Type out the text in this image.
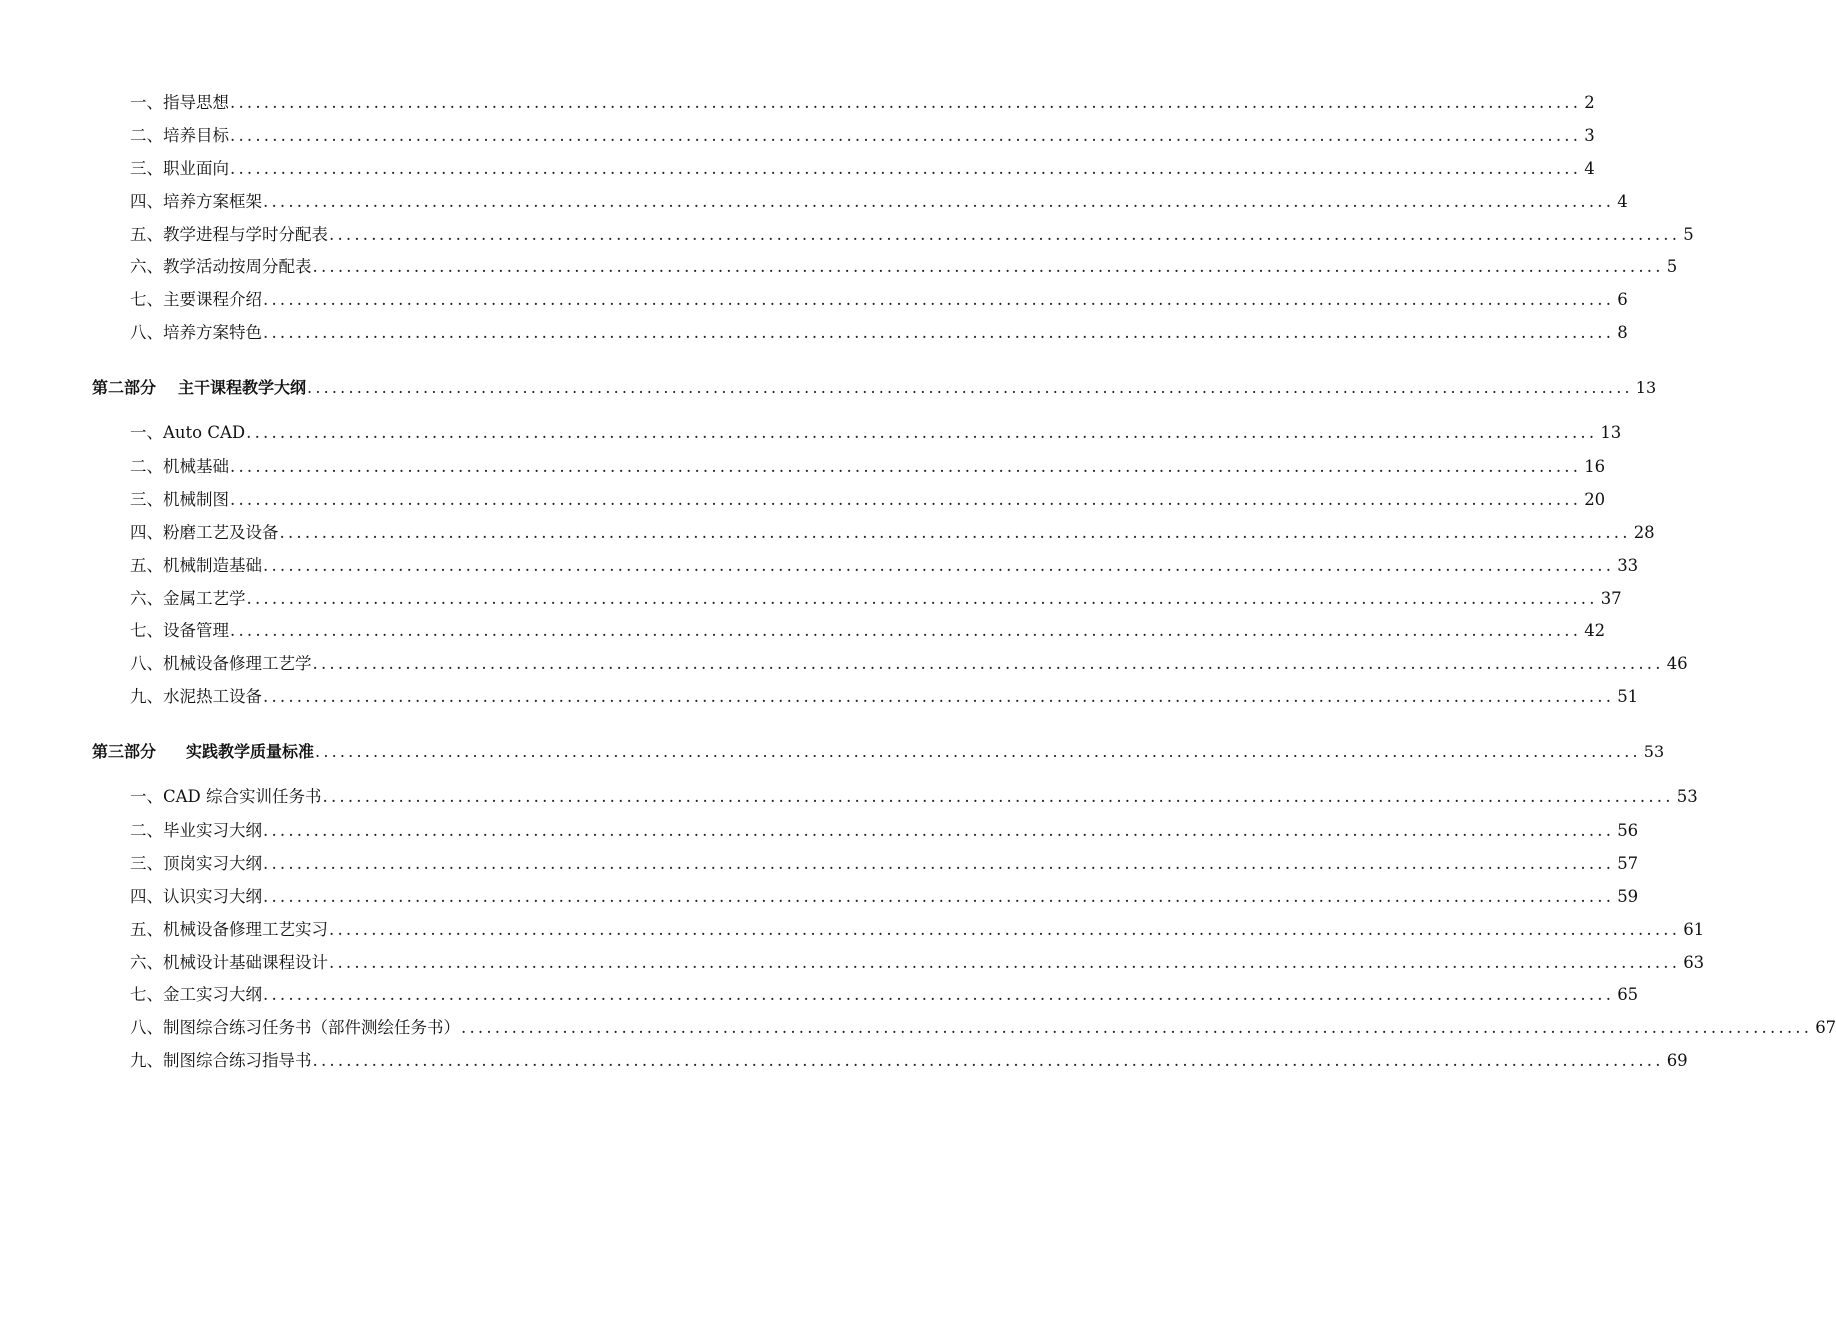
一、指导思想 ................................................................................................................................................................ 2
二、培养目标 ................................................................................................................................................................ 3
三、职业面向 ................................................................................................................................................................ 4
四、培养方案框架 ................................................................................................................................................................ 4
五、教学进程与学时分配表 ................................................................................................................................................................ 5
六、教学活动按周分配表 ................................................................................................................................................................ 5
七、主要课程介绍 ................................................................................................................................................................ 6
八、培养方案特色 ................................................................................................................................................................ 8
第二部分 主干课程教学大纲 ................................................................................................................................................................ 13
一、Auto CAD ................................................................................................................................................................ 13
二、机械基础 ................................................................................................................................................................ 16
三、机械制图 ................................................................................................................................................................ 20
四、粉磨工艺及设备 ................................................................................................................................................................ 28
五、机械制造基础 ................................................................................................................................................................ 33
六、金属工艺学 ................................................................................................................................................................ 37
七、设备管理 ................................................................................................................................................................ 42
八、机械设备修理工艺学 ................................................................................................................................................................ 46
九、水泥热工设备 ................................................................................................................................................................ 51
第三部分 实践教学质量标准 ................................................................................................................................................................ 53
一、CAD 综合实训任务书 ................................................................................................................................................................ 53
二、毕业实习大纲 ................................................................................................................................................................ 56
三、顶岗实习大纲 ................................................................................................................................................................ 57
四、认识实习大纲 ................................................................................................................................................................ 59
五、机械设备修理工艺实习 ................................................................................................................................................................ 61
六、机械设计基础课程设计 ................................................................................................................................................................ 63
七、金工实习大纲 ................................................................................................................................................................ 65
八、制图综合练习任务书（部件测绘任务书） ................................................................................................................................................................ 67
九、制图综合练习指导书 ................................................................................................................................................................ 69
